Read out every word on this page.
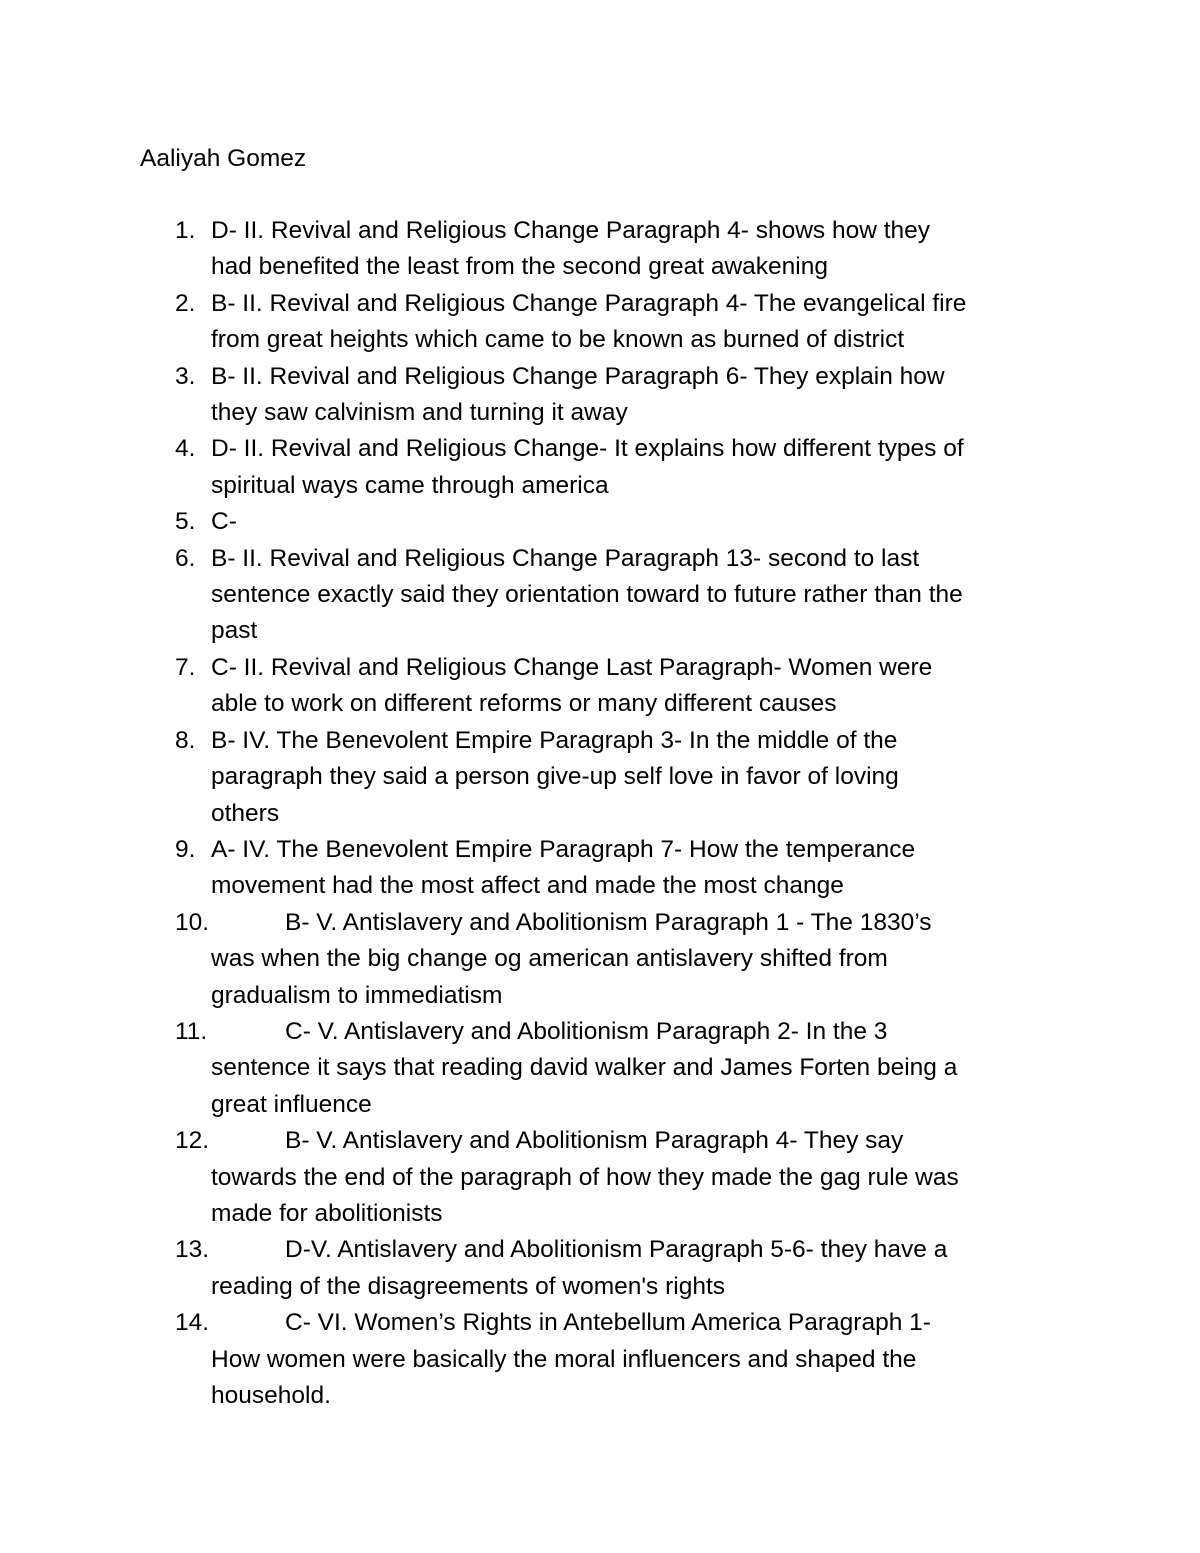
Aaliyah Gomez
1. D- II. Revival and Religious Change Paragraph 4- shows how they
had benefited the least from the second great awakening
2. B- II. Revival and Religious Change Paragraph 4- The evangelical fire
from great heights which came to be known as burned of district
3. B- II. Revival and Religious Change Paragraph 6- They explain how
they saw calvinism and turning it away
4. D- II. Revival and Religious Change- It explains how different types of
spiritual ways came through america
5. C-
6. B- II. Revival and Religious Change Paragraph 13- second to last
sentence exactly said they orientation toward to future rather than the
past
7. C- II. Revival and Religious Change Last Paragraph- Women were
able to work on different reforms or many different causes
8. B- IV. The Benevolent Empire Paragraph 3- In the middle of the
paragraph they said a person give-up self love in favor of loving
others
9. A- IV. The Benevolent Empire Paragraph 7- How the temperance
movement had the most affect and made the most change
10.	B- V. Antislavery and Abolitionism Paragraph 1 - The 1830’s
was when the big change og american antislavery shifted from
gradualism to immediatism
11.	C- V. Antislavery and Abolitionism Paragraph 2- In the 3
sentence it says that reading david walker and James Forten being a
great influence
12.	B- V. Antislavery and Abolitionism Paragraph 4- They say
towards the end of the paragraph of how they made the gag rule was
made for abolitionists
13.	D-V. Antislavery and Abolitionism Paragraph 5-6- they have a
reading of the disagreements of women's rights
14.	C- VI. Women’s Rights in Antebellum America Paragraph 1-
How women were basically the moral influencers and shaped the
household.
